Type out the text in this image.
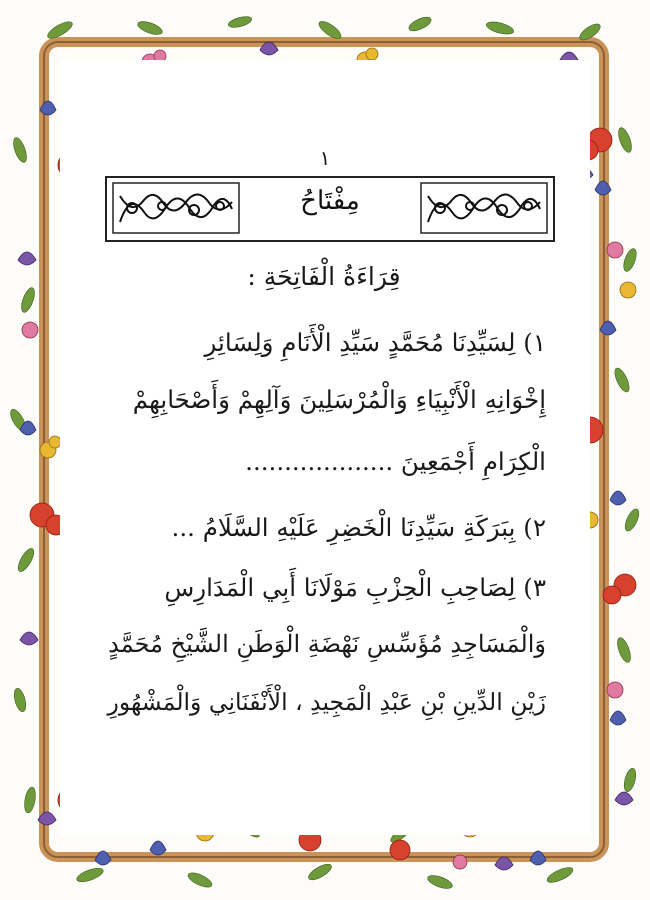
١
مِفْتَاحُ
قِرَاءَةُ الْفَاتِحَةِ :
١) لِسَيِّدِنَا مُحَمَّدٍ سَيِّدِ الْأَنَامِ وَلِسَائِرِ
إِخْوَانِهِ الْأَنْبِيَاءِ وَالْمُرْسَلِينَ وَآلِهِمْ وَأَصْحَابِهِمْ
الْكِرَامِ أَجْمَعِينَ ...................
٢) بِبَرَكَةِ سَيِّدِنَا الْخَضِرِ عَلَيْهِ السَّلَامُ ...
٣) لِصَاحِبِ الْحِزْبِ مَوْلَانَا أَبِي الْمَدَارِسِ
وَالْمَسَاجِدِ مُؤَسِّسِ نَهْضَةِ الْوَطَنِ الشَّيْخِ مُحَمَّدٍ
زَيْنِ الدِّينِ بْنِ عَبْدِ الْمَجِيدِ ، الْأَنْفَنَانِي وَالْمَشْهُورِ
